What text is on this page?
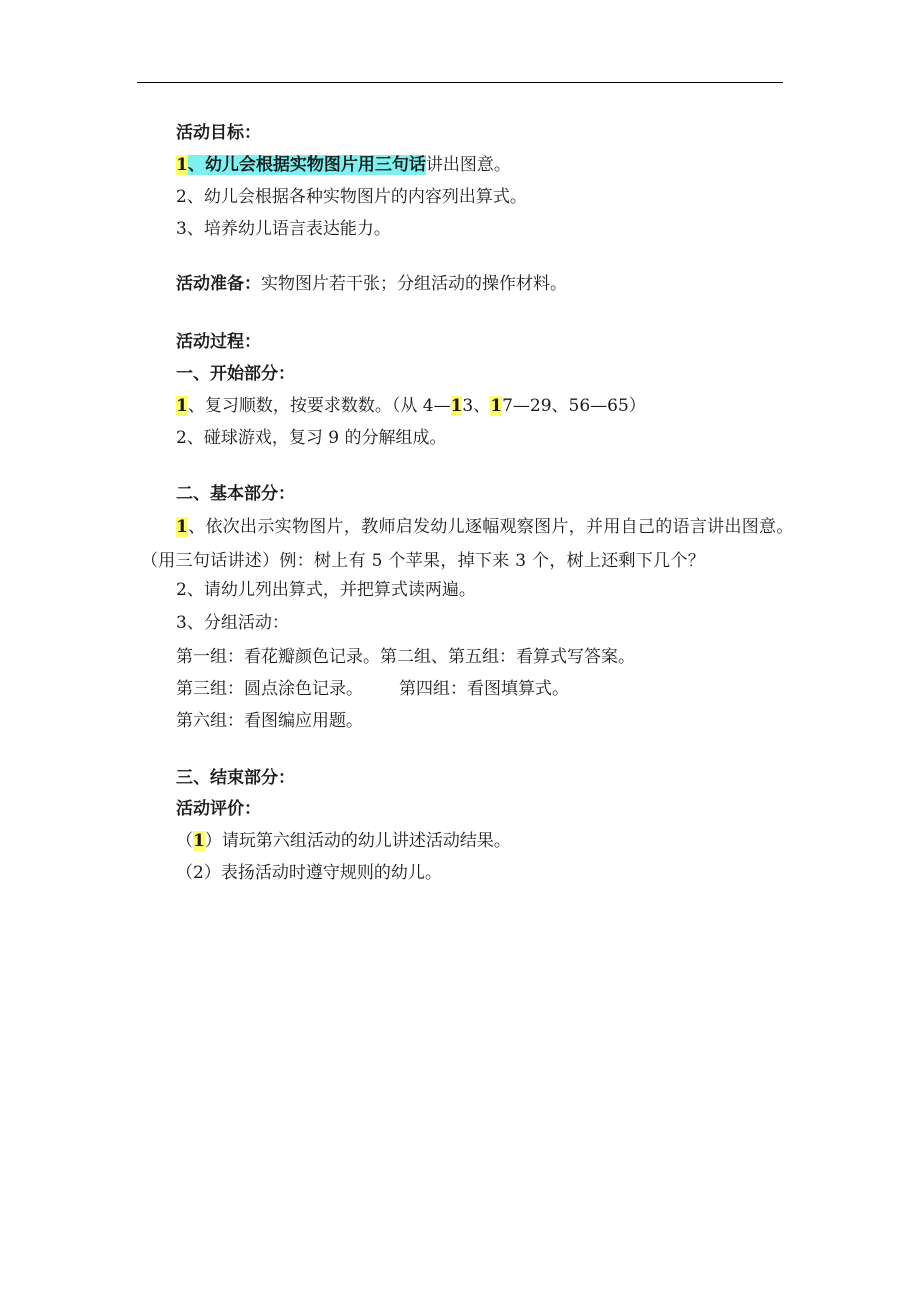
活动目标：
1、幼儿会根据实物图片用三句话讲出图意。
2、幼儿会根据各种实物图片的内容列出算式。
3、培养幼儿语言表达能力。
活动准备：实物图片若干张；分组活动的操作材料。
活动过程：
一、开始部分：
1、复习顺数，按要求数数。（从 4—13、17—29、56—65）
2、碰球游戏，复习 9 的分解组成。
二、基本部分：

1、依次出示实物图片，教师启发幼儿逐幅观察图片，并用自己的语言讲出图意。（用三句话讲述）例：树上有 5 个苹果，掉下来 3 个，树上还剩下几个？

2、请幼儿列出算式，并把算式读两遍。
3、分组活动：
第一组：看花瓣颜色记录。第二组、第五组：看算式写答案。
第三组：圆点涂色记录。 第四组：看图填算式。
第六组：看图编应用题。
三、结束部分：
活动评价：
（1）请玩第六组活动的幼儿讲述活动结果。
（2）表扬活动时遵守规则的幼儿。
